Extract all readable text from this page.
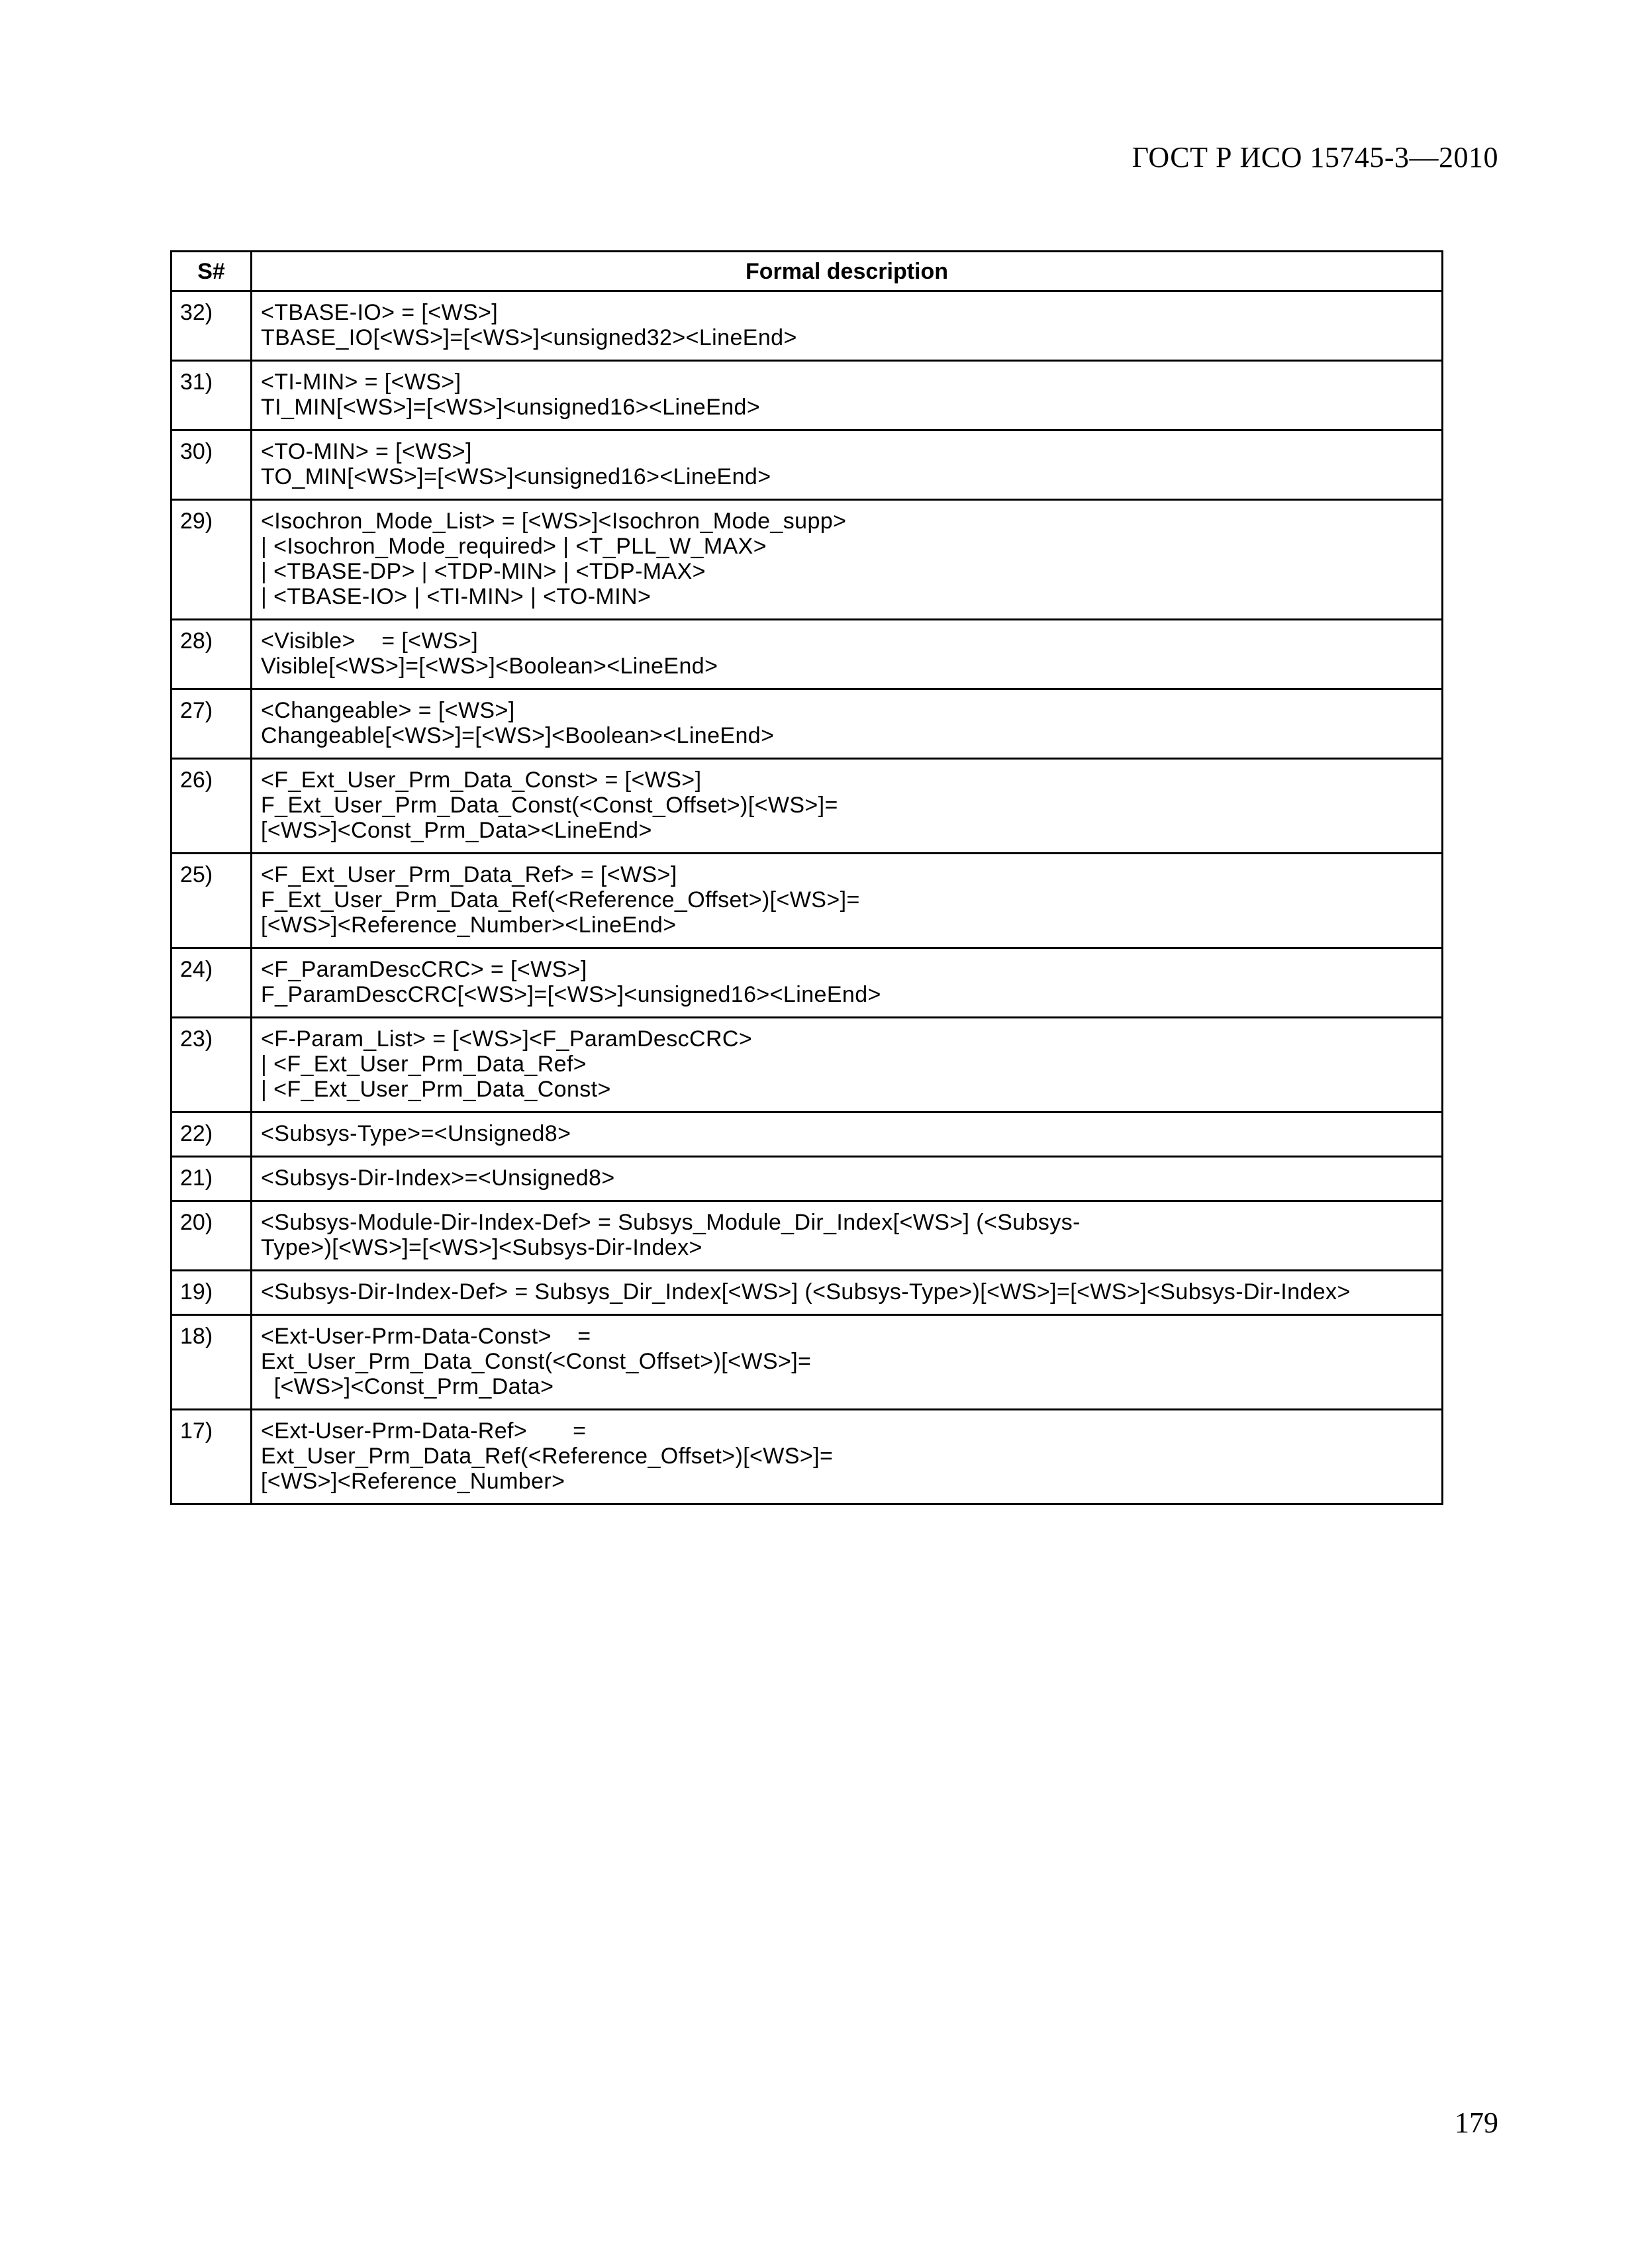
ГОСТ Р ИСО 15745-3—2010
S#	Formal description
32)	<TBASE-IO> = [<WS>]
TBASE_IO[<WS>]=[<WS>]<unsigned32><LineEnd>
31)	<TI-MIN> = [<WS>]
TI_MIN[<WS>]=[<WS>]<unsigned16><LineEnd>
30)	<TO-MIN> = [<WS>]
TO_MIN[<WS>]=[<WS>]<unsigned16><LineEnd>
29)	<Isochron_Mode_List> = [<WS>]<Isochron_Mode_supp>
| <Isochron_Mode_required> | <T_PLL_W_MAX>
| <TBASE-DP> | <TDP-MIN> | <TDP-MAX>
| <TBASE-IO> | <TI-MIN> | <TO-MIN>
28)	<Visible>    = [<WS>]
Visible[<WS>]=[<WS>]<Boolean><LineEnd>
27)	<Changeable> = [<WS>]
Changeable[<WS>]=[<WS>]<Boolean><LineEnd>
26)	<F_Ext_User_Prm_Data_Const> = [<WS>]
F_Ext_User_Prm_Data_Const(<Const_Offset>)[<WS>]=
[<WS>]<Const_Prm_Data><LineEnd>
25)	<F_Ext_User_Prm_Data_Ref> = [<WS>]
F_Ext_User_Prm_Data_Ref(<Reference_Offset>)[<WS>]=
[<WS>]<Reference_Number><LineEnd>
24)	<F_ParamDescCRC> = [<WS>]
F_ParamDescCRC[<WS>]=[<WS>]<unsigned16><LineEnd>
23)	<F-Param_List> = [<WS>]<F_ParamDescCRC>
| <F_Ext_User_Prm_Data_Ref>
| <F_Ext_User_Prm_Data_Const>
22)	<Subsys-Type>=<Unsigned8>
21)	<Subsys-Dir-Index>=<Unsigned8>
20)	<Subsys-Module-Dir-Index-Def> = Subsys_Module_Dir_Index[<WS>] (<Subsys-
Type>)[<WS>]=[<WS>]<Subsys-Dir-Index>
19)	<Subsys-Dir-Index-Def> = Subsys_Dir_Index[<WS>] (<Subsys-Type>)[<WS>]=[<WS>]<Subsys-Dir-Index>
18)	<Ext-User-Prm-Data-Const>    =
Ext_User_Prm_Data_Const(<Const_Offset>)[<WS>]=
[<WS>]<Const_Prm_Data>
17)	<Ext-User-Prm-Data-Ref>       =
Ext_User_Prm_Data_Ref(<Reference_Offset>)[<WS>]=
[<WS>]<Reference_Number>
179
